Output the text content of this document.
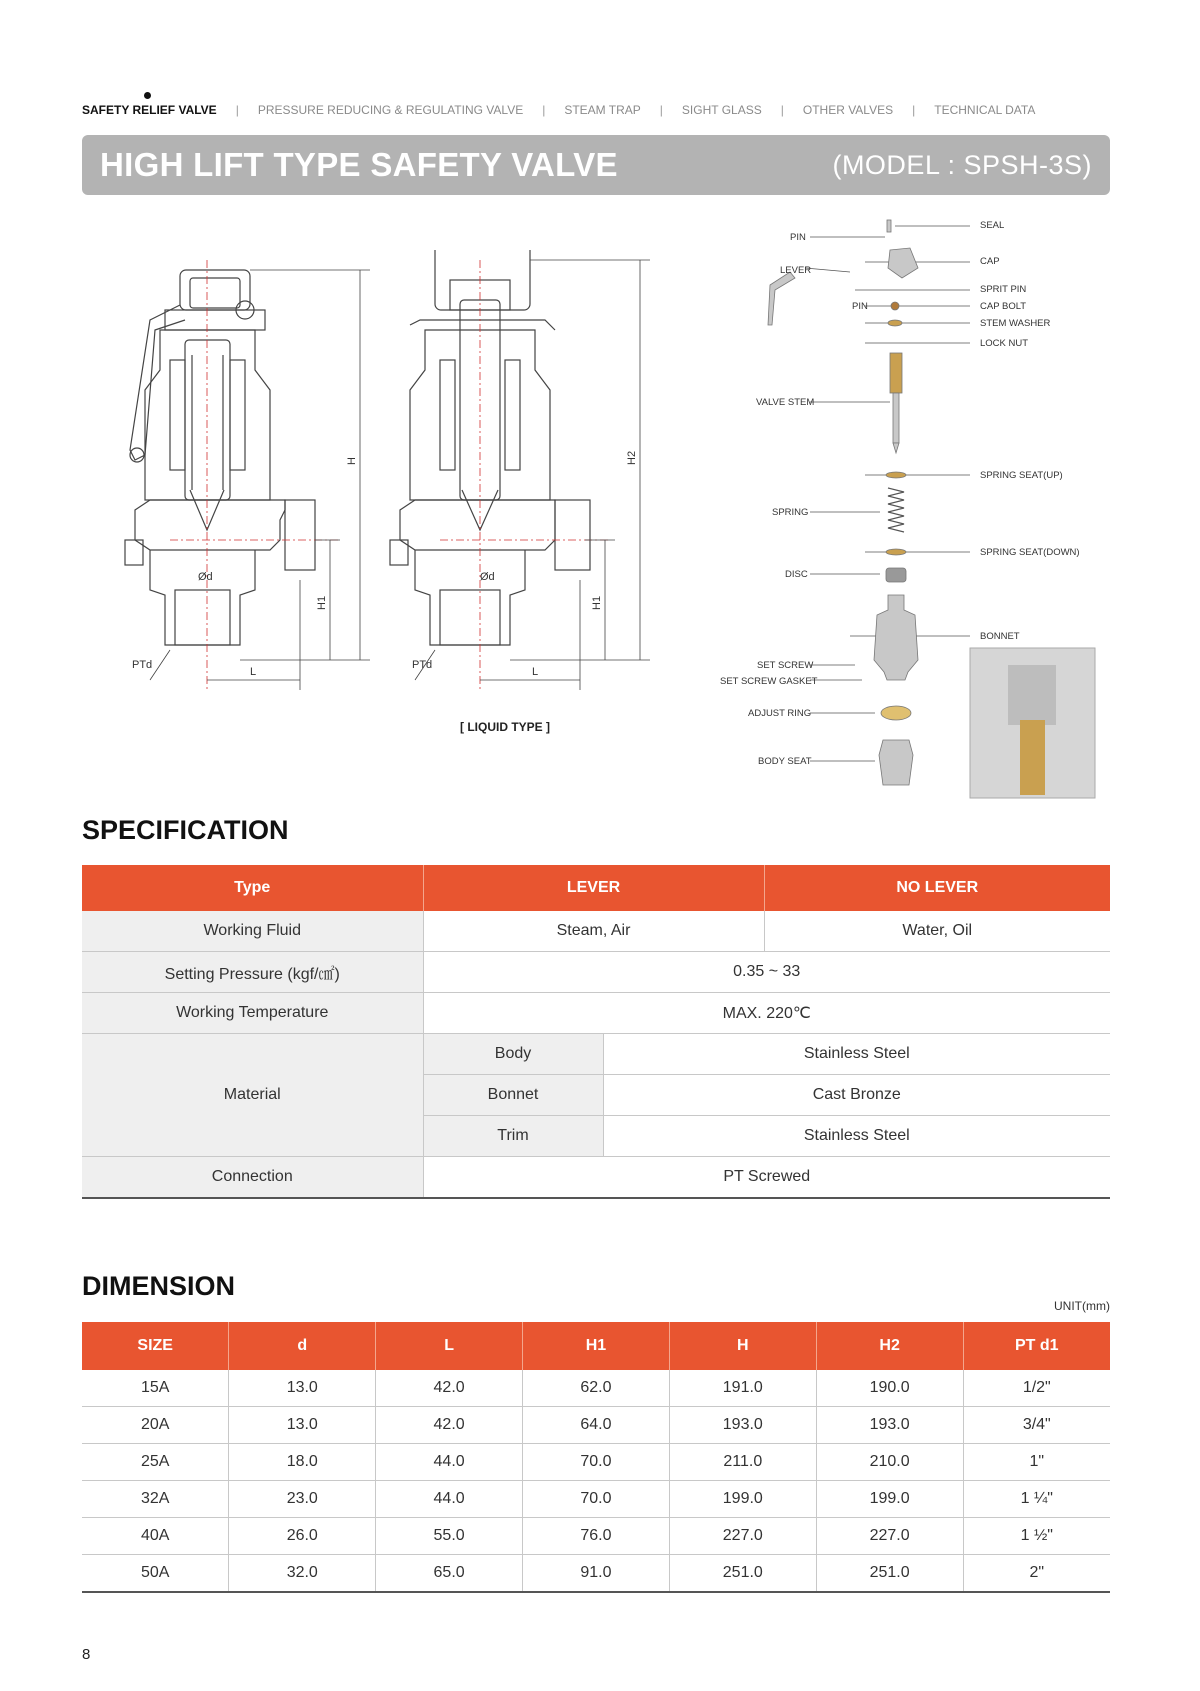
SAFETY RELIEF VALVE | PRESSURE REDUCING & REGULATING VALVE | STEAM TRAP | SIGHT GLASS | OTHER VALVES | TECHNICAL DATA
HIGH LIFT TYPE SAFETY VALVE	(MODEL : SPSH-3S)
H
H1
H2
H1
Ød	Ød
PTd	PTd
L	L
[ LIQUID TYPE ]
SEAL
PIN
LEVER
CAP
SPRIT PIN
PIN	CAP BOLT
STEM WASHER
LOCK NUT
VALVE STEM
SPRING SEAT(UP)
SPRING
SPRING SEAT(DOWN)
DISC
BONNET
SET SCREW
SET SCREW GASKET
ADJUST RING
BODY SEAT
SPECIFICATION
Type	LEVER		NO LEVER
Working Fluid	Steam, Air		Water, Oil
Setting Pressure (kgf/㎠)	0.35 ~ 33		
Working Temperature	MAX. 220℃		
Material	Body	Stainless Steel	
	Bonnet	Cast Bronze	
	Trim	Stainless Steel	
Connection	PT Screwed		
DIMENSION
UNIT(mm)
SIZE	d	L	H1	H	H2	PT d1
15A	13.0	42.0	62.0	191.0	190.0	1/2"
20A	13.0	42.0	64.0	193.0	193.0	3/4"
25A	18.0	44.0	70.0	211.0	210.0	1"
32A	23.0	44.0	70.0	199.0	199.0	1 ¼"
40A	26.0	55.0	76.0	227.0	227.0	1 ½"
50A	32.0	65.0	91.0	251.0	251.0	2"
8
